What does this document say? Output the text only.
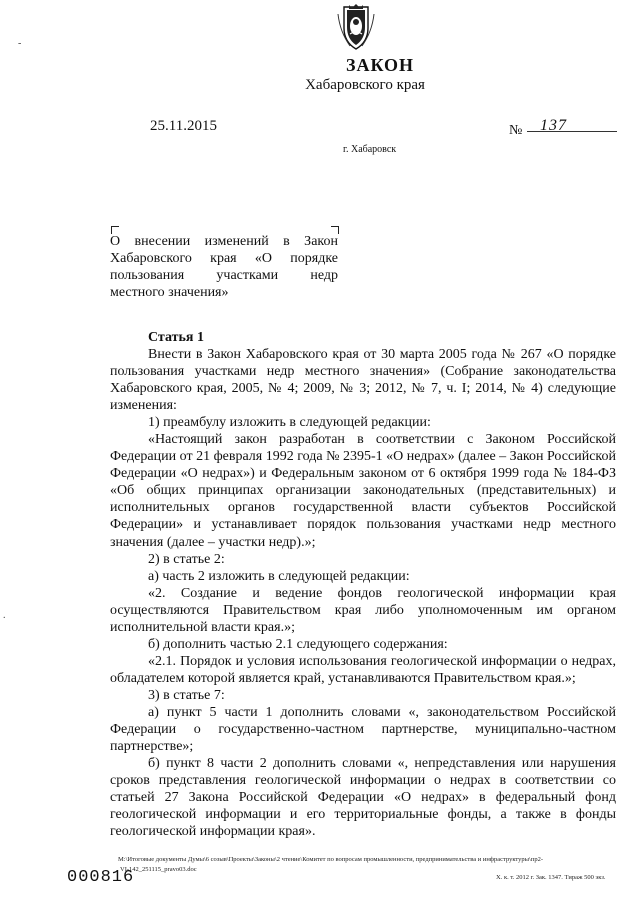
ЗАКОН
Хабаровского края
25.11.2015	№ 137
г. Хабаровск
О внесении изменений в Закон
Хабаровского края «О порядке
пользования участками недр
местного значения»
Статья 1

Внести в Закон Хабаровского края от 30 марта 2005 года № 267 «О порядке пользования участками недр местного значения» (Собрание законодательства Хабаровского края, 2005, № 4; 2009, № 3; 2012, № 7, ч. I; 2014, № 4) следующие изменения:

1) преамбулу изложить в следующей редакции:

«Настоящий закон разработан в соответствии с Законом Российской Федерации от 21 февраля 1992 года № 2395-1 «О недрах» (далее – Закон Российской Федерации «О недрах») и Федеральным законом от 6 октября 1999 года № 184-ФЗ «Об общих принципах организации законодательных (представительных) и исполнительных органов государственной власти субъектов Российской Федерации» и устанавливает порядок пользования участками недр местного значения (далее – участки недр).»;

2) в статье 2:

а) часть 2 изложить в следующей редакции:

«2. Создание и ведение фондов геологической информации края осуществляются Правительством края либо уполномоченным им органом исполнительной власти края.»;

б) дополнить частью 2.1 следующего содержания:

«2.1. Порядок и условия использования геологической информации о недрах, обладателем которой является край, устанавливаются Правительством края.»;

3) в статье 7:

а) пункт 5 части 1 дополнить словами «, законодательством Российской Федерации о государственно-частном партнерстве, муниципально-частном партнерстве»;

б) пункт 8 части 2 дополнить словами «, непредставления или нарушения сроков представления геологической информации о недрах в соответствии со статьей 27 Закона Российской Федерации «О недрах» в федеральный фонд геологической информации и его территориальные фонды, а также в фонды геологической информации края».

M:\Итоговые документы Думы\6 созыв\Проекты\Законы\2 чтение\Комитет по вопросам промышленности, предпринимательства и инфраструктуры\пр2-
VI-142_251115_pravo03.doc
000816	Х. к. т. 2012 г. Зак. 1347. Тираж 500 экз.
-
.
